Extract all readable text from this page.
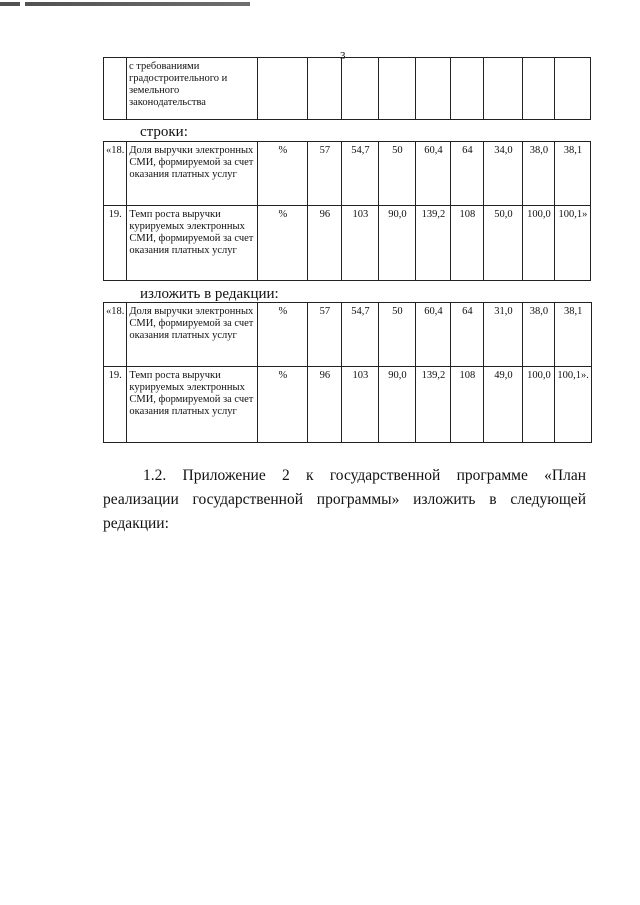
3
	с требованиями градостроительного и земельного законодательства									
строки:
«18.	Доля выручки электронных СМИ, формируемой за счет оказания платных услуг	%	57	54,7	50	60,4	64	34,0	38,0	38,1
19.	Темп роста выручки курируемых электронных СМИ, формируемой за счет оказания платных услуг	%	96	103	90,0	139,2	108	50,0	100,0	100,1»
изложить в редакции:
«18.	Доля выручки электронных СМИ, формируемой за счет оказания платных услуг	%	57	54,7	50	60,4	64	31,0	38,0	38,1
19.	Темп роста выручки курируемых электронных СМИ, формируемой за счет оказания платных услуг	%	96	103	90,0	139,2	108	49,0	100,0	100,1».
1.2. Приложение 2 к государственной программе «План реализации государственной программы» изложить в следующей редакции:
